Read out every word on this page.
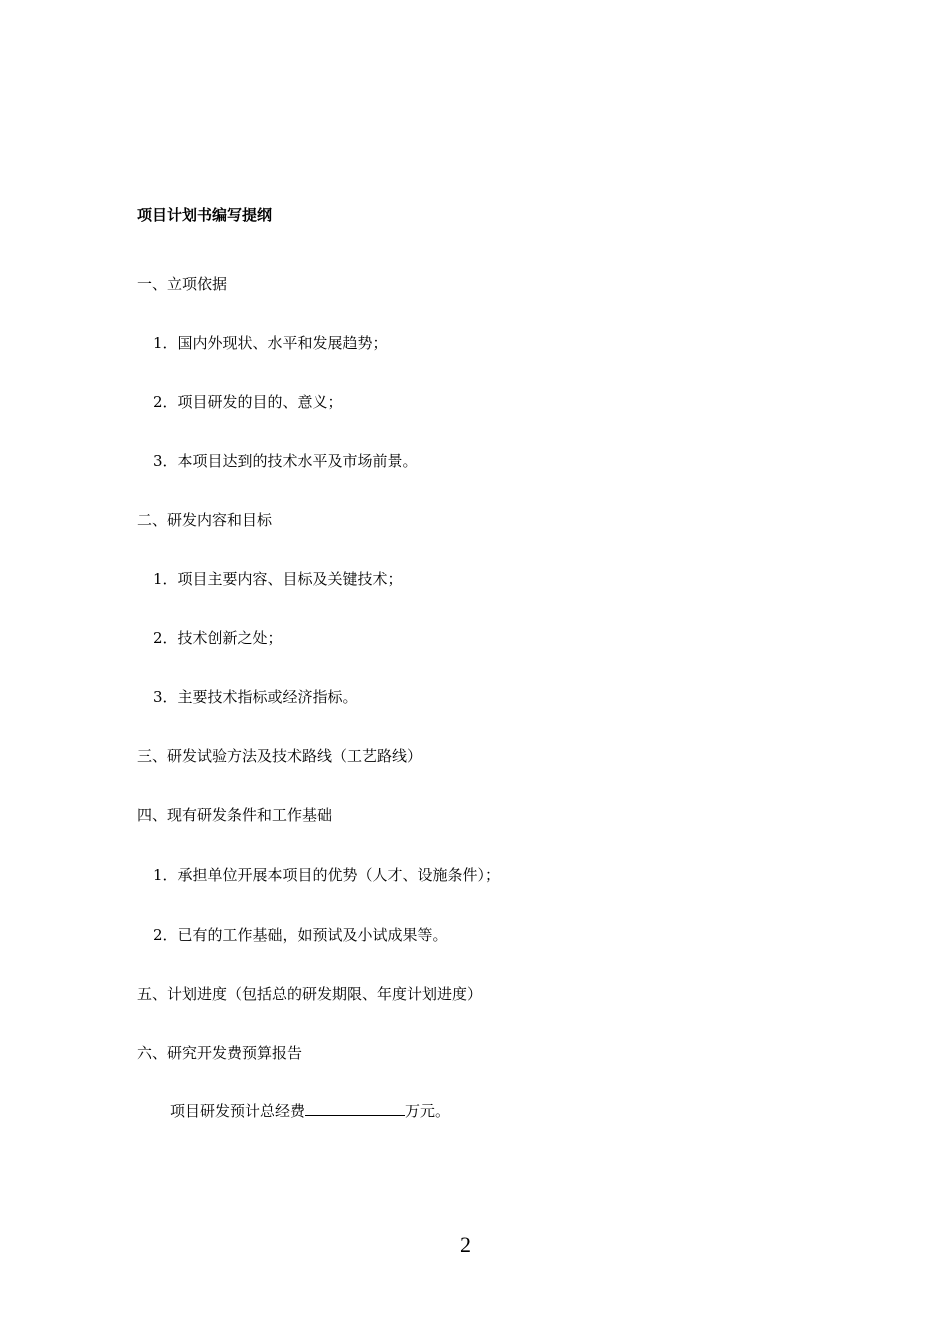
项目计划书编写提纲
一、立项依据
1．国内外现状、水平和发展趋势；
2．项目研发的目的、意义；
3．本项目达到的技术水平及市场前景。
二、研发内容和目标
1．项目主要内容、目标及关键技术；
2．技术创新之处；
3．主要技术指标或经济指标。
三、研发试验方法及技术路线（工艺路线）
四、现有研发条件和工作基础
1．承担单位开展本项目的优势（人才、设施条件）；
2．已有的工作基础，如预试及小试成果等。
五、计划进度（包括总的研发期限、年度计划进度）
六、研究开发费预算报告
项目研发预计总经费	万元。
2
